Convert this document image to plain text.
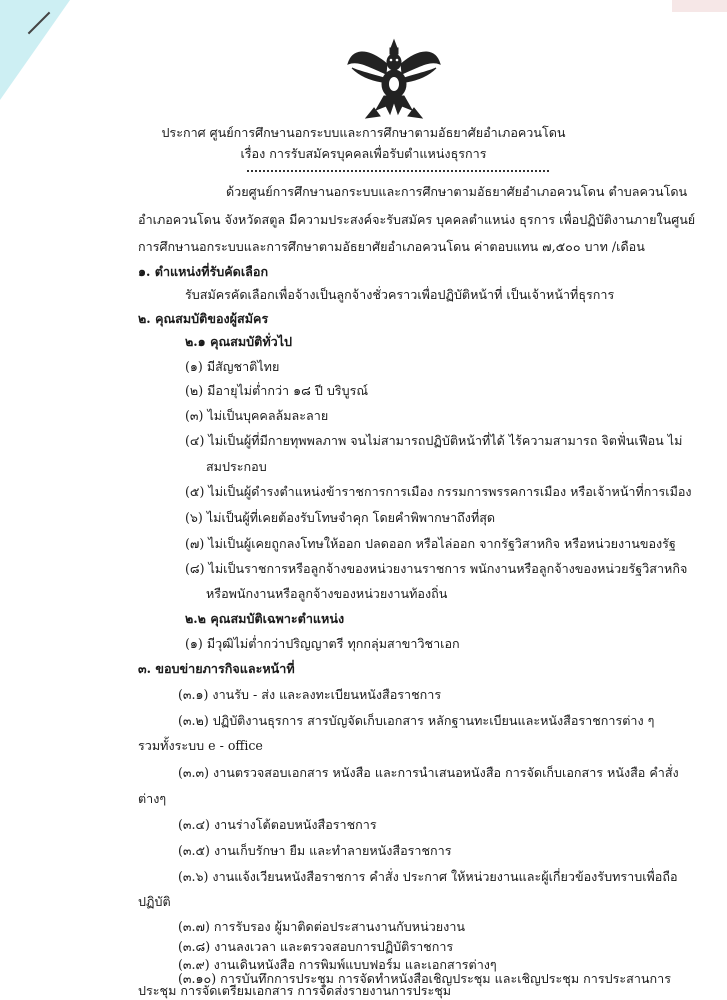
ประกาศ ศูนย์การศึกษานอกระบบและการศึกษาตามอัธยาศัยอำเภอควนโดน
เรื่อง การรับสมัครบุคคลเพื่อรับตำแหน่งธุรการ
ด้วยศูนย์การศึกษานอกระบบและการศึกษาตามอัธยาศัยอำเภอควนโดน ตำบลควนโดน
อำเภอควนโดน จังหวัดสตูล มีความประสงค์จะรับสมัคร บุคคลตำแหน่ง ธุรการ เพื่อปฏิบัติงานภายในศูนย์
การศึกษานอกระบบและการศึกษาตามอัธยาศัยอำเภอควนโดน ค่าตอบแทน ๗,๕๐๐ บาท /เดือน
๑. ตำแหน่งที่รับคัดเลือก
รับสมัครคัดเลือกเพื่อจ้างเป็นลูกจ้างชั่วคราวเพื่อปฏิบัติหน้าที่ เป็นเจ้าหน้าที่ธุรการ
๒. คุณสมบัติของผู้สมัคร
๒.๑ คุณสมบัติทั่วไป
(๑) มีสัญชาติไทย
(๒) มีอายุไม่ต่ำกว่า ๑๘ ปี บริบูรณ์
(๓) ไม่เป็นบุคคลล้มละลาย
(๔) ไม่เป็นผู้ที่มีกายทุพพลภาพ จนไม่สามารถปฏิบัติหน้าที่ได้ ไร้ความสามารถ จิตฟั่นเฟือน ไม่
สมประกอบ
(๕) ไม่เป็นผู้ดำรงตำแหน่งข้าราชการการเมือง กรรมการพรรคการเมือง หรือเจ้าหน้าที่การเมือง
(๖) ไม่เป็นผู้ที่เคยต้องรับโทษจำคุก โดยคำพิพากษาถึงที่สุด
(๗) ไม่เป็นผู้เคยถูกลงโทษให้ออก ปลดออก หรือไล่ออก จากรัฐวิสาหกิจ หรือหน่วยงานของรัฐ
(๘) ไม่เป็นราชการหรือลูกจ้างของหน่วยงานราชการ พนักงานหรือลูกจ้างของหน่วยรัฐวิสาหกิจ
หรือพนักงานหรือลูกจ้างของหน่วยงานท้องถิ่น
๒.๒ คุณสมบัติเฉพาะตำแหน่ง
(๑) มีวุฒิไม่ต่ำกว่าปริญญาตรี ทุกกลุ่มสาขาวิชาเอก
๓. ขอบข่ายภารกิจและหน้าที่
(๓.๑) งานรับ - ส่ง และลงทะเบียนหนังสือราชการ
(๓.๒) ปฏิบัติงานธุรการ สารบัญจัดเก็บเอกสาร หลักฐานทะเบียนและหนังสือราชการต่าง ๆ
รวมทั้งระบบ e - office
(๓.๓) งานตรวจสอบเอกสาร หนังสือ และการนำเสนอหนังสือ การจัดเก็บเอกสาร หนังสือ คำสั่ง
ต่างๆ
(๓.๔) งานร่างโต้ตอบหนังสือราชการ
(๓.๕) งานเก็บรักษา ยืม และทำลายหนังสือราชการ
(๓.๖) งานแจ้งเวียนหนังสือราชการ คำสั่ง ประกาศ ให้หน่วยงานและผู้เกี่ยวข้องรับทราบเพื่อถือ
ปฏิบัติ
(๓.๗) การรับรอง ผู้มาติดต่อประสานงานกับหน่วยงาน
(๓.๘) งานลงเวลา และตรวจสอบการปฏิบัติราชการ
(๓.๙) งานเดินหนังสือ การพิมพ์แบบฟอร์ม และเอกสารต่างๆ
(๓.๑๐) การบันทึกการประชุม การจัดทำหนังสือเชิญประชุม และเชิญประชุม การประสานการ
ประชุม การจัดเตรียมเอกสาร การจัดส่งรายงานการประชุม
